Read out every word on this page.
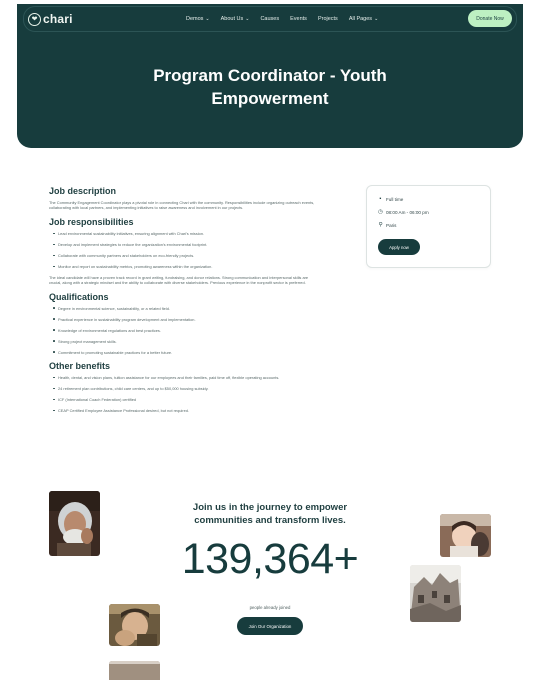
❤ chari	Demos ⌄ About Us ⌄ Causes Events Projects All Pages ⌄	Donate Now
Program Coordinator - Youth
Empowerment
Job description

The Community Engagement Coordinator plays a pivotal role in connecting Chari with the community. Responsibilities include organizing outreach events, collaborating with local partners, and implementing initiatives to raise awareness and involvement in our projects.

Job responsibilities
Lead environmental sustainability initiatives, ensuring alignment with Chari's mission.
Develop and implement strategies to reduce the organization's environmental footprint.
Collaborate with community partners and stakeholders on eco-friendly projects.
Monitor and report on sustainability metrics, promoting awareness within the organization.

The ideal candidate will have a proven track record in grant writing, fundraising, and donor relations. Strong communication and interpersonal skills are crucial, along with a strategic mindset and the ability to collaborate with diverse stakeholders. Previous experience in the nonprofit sector is preferred.

Qualifications
Degree in environmental science, sustainability, or a related field.
Practical experience in sustainability program development and implementation.
Knowledge of environmental regulations and best practices.
Strong project management skills.
Commitment to promoting sustainable practices for a better future.
Other benefits
Health, dental, and vision plans, tuition assistance for our employees and their families, paid time off, flexible operating accounts.
24 retirement plan contributions, child care centers, and up to $50,000 housing subsidy.
ICF (International Coach Federation) certified
CEAP Certified Employee Assistance Professional desired, but not required.
▪ Full time
◷ 08:00 Am - 06:00 pm
⚲ Paris
Apply now
Join us in the journey to empower
communities and transform lives.
139,364+
people already joined
Join Our Organization
